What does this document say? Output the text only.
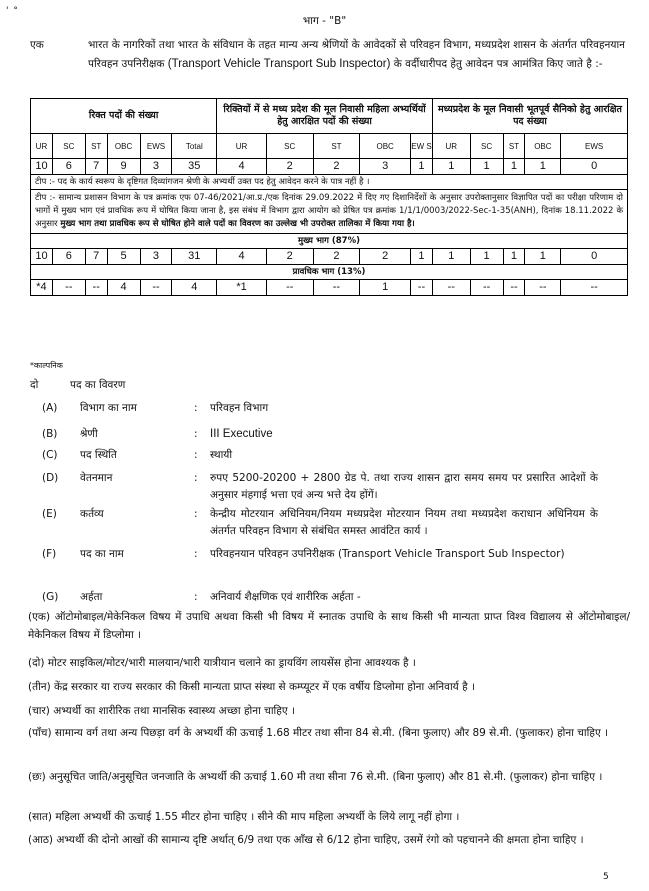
' °
भाग - "B"
एक	भारत के नागरिकों तथा भारत के संविधान के तहत मान्य अन्य श्रेणियों के आवेदकों से परिवहन विभाग, मध्यप्रदेश शासन के अंतर्गत परिवहनयान परिवहन उपनिरीक्षक (Transport Vehicle Transport Sub Inspector) के वर्दीधारीपद हेतु आवेदन पत्र आमंत्रित किए जाते है :-
रिक्त पदों की संख्या						रिक्तियों में से मध्य प्रदेश की मूल निवासी महिला अभ्यर्थियों हेतु आरक्षित पदों की संख्या					मध्यप्रदेश के मूल निवासी भूतपूर्व सैनिको हेतु आरक्षित पद संख्या				
UR	SC	ST	OBC	EWS	Total	UR	SC	ST	OBC	EW S	UR	SC	ST	OBC	EWS
10	6	7	9	3	35	4	2	2	3	1	1	1	1	1	0
टीप :- पद के कार्य स्वरूप के दृष्टिगत दिव्यांगजन श्रेणी के अभ्यर्थी उक्त पद हेतु आवेदन करने के पात्र नहीं है ।															
टीप :- सामान्य प्रशासन विभाग के पत्र क्रमांक एफ 07-46/2021/आ.प्र./एक दिनांक 29.09.2022 में दिए गए दिशानिर्देशों के अनुसार उपरोक्तानुसार विज्ञापित पदों का परीक्षा परिणाम दो भागों में मुख्य भाग एवं प्रावधिक रूप में घोषित किया जाना है, इस संबंध में विभाग द्वारा आयोग को प्रेषित पत्र क्रमांक 1/1/1/0003/2022-Sec-1-35(ANH), दिनांक 18.11.2022 के अनुसार मुख्य भाग तथा प्रावधिक रूप से घोषित होने वाले पदों का विवरण का उल्लेख भी उपरोक्त तालिका में किया गया है।															
मुख्य भाग (87%)															
10	6	7	5	3	31	4	2	2	2	1	1	1	1	1	0
प्रावधिक भाग (13%)															
*4	--	--	4	--	4	*1	--	--	1	--	--	--	--	--	--
*काल्पनिक
दो	पद का विवरण
(A)	विभाग का नाम	: परिवहन विभाग
(B)	श्रेणी	: III Executive
(C)	पद स्थिति	: स्थायी
(D)	वेतनमान	: रुपए 5200-20200 + 2800 ग्रेड पे. तथा राज्य शासन द्वारा समय समय पर प्रसारित आदेशों के अनुसार मंहगाई भत्ता एवं अन्य भत्ते देय होंगें।
(E)	कर्तव्य	: केन्द्रीय मोटरयान अधिनियम/नियम मध्यप्रदेश मोटरयान नियम तथा मध्यप्रदेश कराधान अधिनियम के अंतर्गत परिवहन विभाग से संबंधित समस्त आवंटित कार्य ।
(F)	पद का नाम	: परिवहनयान परिवहन उपनिरीक्षक (Transport Vehicle Transport Sub Inspector)
(G)	अर्हता	: अनिवार्य शैक्षणिक एवं शारीरिक अर्हता -
(एक) ऑटोमोबाइल/मेकेनिकल विषय में उपाधि अथवा किसी भी विषय में स्नातक उपाधि के साथ किसी भी मान्यता प्राप्त विश्व विद्यालय से ऑटोमोबाइल/मेकेनिकल विषय में डिप्लोमा ।
(दो) मोटर साइकिल/मोटर/भारी मालयान/भारी यात्रीयान चलाने का ड्रायविंग लायसेंस होना आवश्यक है ।
(तीन) केंद्र सरकार या राज्य सरकार की किसी मान्यता प्राप्त संस्था से कम्प्यूटर में एक वर्षीय डिप्लोमा होना अनिवार्य है ।
(चार) अभ्यर्थी का शारीरिक तथा मानसिक स्वास्थ्य अच्छा होना चाहिए ।
(पाँच) सामान्य वर्ग तथा अन्य पिछड़ा वर्ग के अभ्यर्थी की ऊचाई 1.68 मीटर तथा सीना 84 से.मी. (बिना फुलाए) और 89 से.मी. (फुलाकर) होना चाहिए ।
(छः) अनुसूचित जाति/अनुसूचित जनजाति के अभ्यर्थी की ऊचाई 1.60 मी तथा सीना 76 से.मी. (बिना फुलाए) और 81 से.मी. (फुलाकर) होना चाहिए ।
(सात) महिला अभ्यर्थी की ऊचाई 1.55 मीटर होना चाहिए । सीने की माप महिला अभ्यर्थी के लिये लागू नहीं होगा ।
(आठ) अभ्यर्थी की दोनो आखों की सामान्य दृष्टि अर्थात् 6/9 तथा एक आँख से 6/12 होना चाहिए, उसमें रंगो को पहचानने की क्षमता होना चाहिए ।
5
